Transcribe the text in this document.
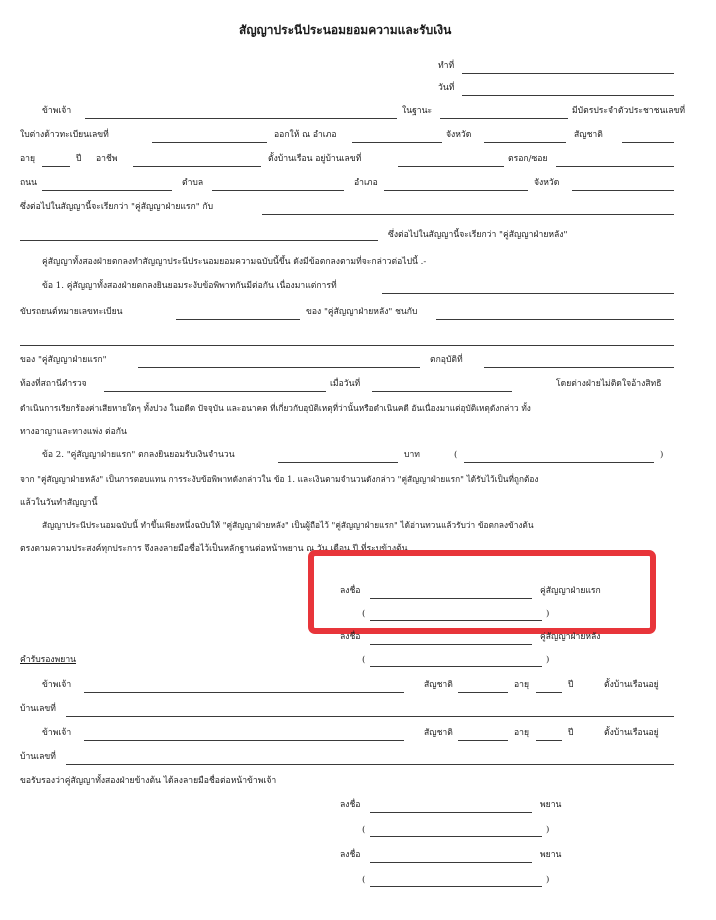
สัญญาประนีประนอมยอมความและรับเงิน
ทำที่
วันที่
ข้าพเจ้า	ในฐานะ	มีบัตรประจำตัวประชาชนเลขที่
ใบต่างด้าวทะเบียนเลขที่	ออกให้ ณ อำเภอ	จังหวัด	สัญชาติ
อายุ	ปี อาชีพ	ตั้งบ้านเรือน อยู่บ้านเลขที่	ตรอก/ซอย
ถนน	ตำบล	อำเภอ	จังหวัด
ซึ่งต่อไปในสัญญานี้จะเรียกว่า "คู่สัญญาฝ่ายแรก" กับ
ซึ่งต่อไปในสัญญานี้จะเรียกว่า "คู่สัญญาฝ่ายหลัง"
คู่สัญญาทั้งสองฝ่ายตกลงทำสัญญาประนีประนอมยอมความฉบับนี้ขึ้น ดังมีข้อตกลงตามที่จะกล่าวต่อไปนี้ .-
ข้อ 1. คู่สัญญาทั้งสองฝ่ายตกลงยินยอมระงับข้อพิพาทกันมีต่อกัน เนื่องมาแต่การที่
ขับรถยนต์หมายเลขทะเบียน	ของ "คู่สัญญาฝ่ายหลัง" ชนกับ
ของ "คู่สัญญาฝ่ายแรก"	ตกอุบัติที่
ท้องที่สถานีตำรวจ	เมื่อวันที่	โดยต่างฝ่ายไม่ติดใจอ้างสิทธิ
ดำเนินการเรียกร้องค่าเสียหายใดๆ ทั้งปวง ในอดีต ปัจจุบัน และอนาคต ที่เกี่ยวกับอุบัติเหตุที่ว่านั้นหรือดำเนินคดี อันเนื่องมาแต่อุบัติเหตุดังกล่าว ทั้ง
ทางอาญาและทางแพ่ง ต่อกัน
ข้อ 2. "คู่สัญญาฝ่ายแรก" ตกลงยินยอมรับเงินจำนวน	บาท	(	)
จาก "คู่สัญญาฝ่ายหลัง" เป็นการตอบแทน การระงับข้อพิพาทดังกล่าวใน ข้อ 1. และเงินตามจำนวนดังกล่าว "คู่สัญญาฝ่ายแรก" ได้รับไว้เป็นที่ถูกต้อง
แล้วในวันทำสัญญานี้
สัญญาประนีประนอมฉบับนี้ ทำขึ้นเพียงหนึ่งฉบับให้ "คู่สัญญาฝ่ายหลัง" เป็นผู้ถือไว้ "คู่สัญญาฝ่ายแรก" ได้อ่านทวนแล้วรับว่า ข้อตกลงข้างต้น
ตรงตามความประสงค์ทุกประการ จึงลงลายมือชื่อไว้เป็นหลักฐานต่อหน้าพยาน ณ วัน เดือน ปี ที่ระบุข้างต้น
ลงชื่อ	คู่สัญญาฝ่ายแรก
(	)
ลงชื่อ	คู่สัญญาฝ่ายหลัง
(	)
คำรับรองพยาน
ข้าพเจ้า	สัญชาติ	อายุ	ปี	ตั้งบ้านเรือนอยู่
บ้านเลขที่
ข้าพเจ้า	สัญชาติ	อายุ	ปี	ตั้งบ้านเรือนอยู่
บ้านเลขที่
ขอรับรองว่าคู่สัญญาทั้งสองฝ่ายข้างต้น ได้ลงลายมือชื่อต่อหน้าข้าพเจ้า
ลงชื่อ	พยาน
(	)
ลงชื่อ	พยาน
(	)
